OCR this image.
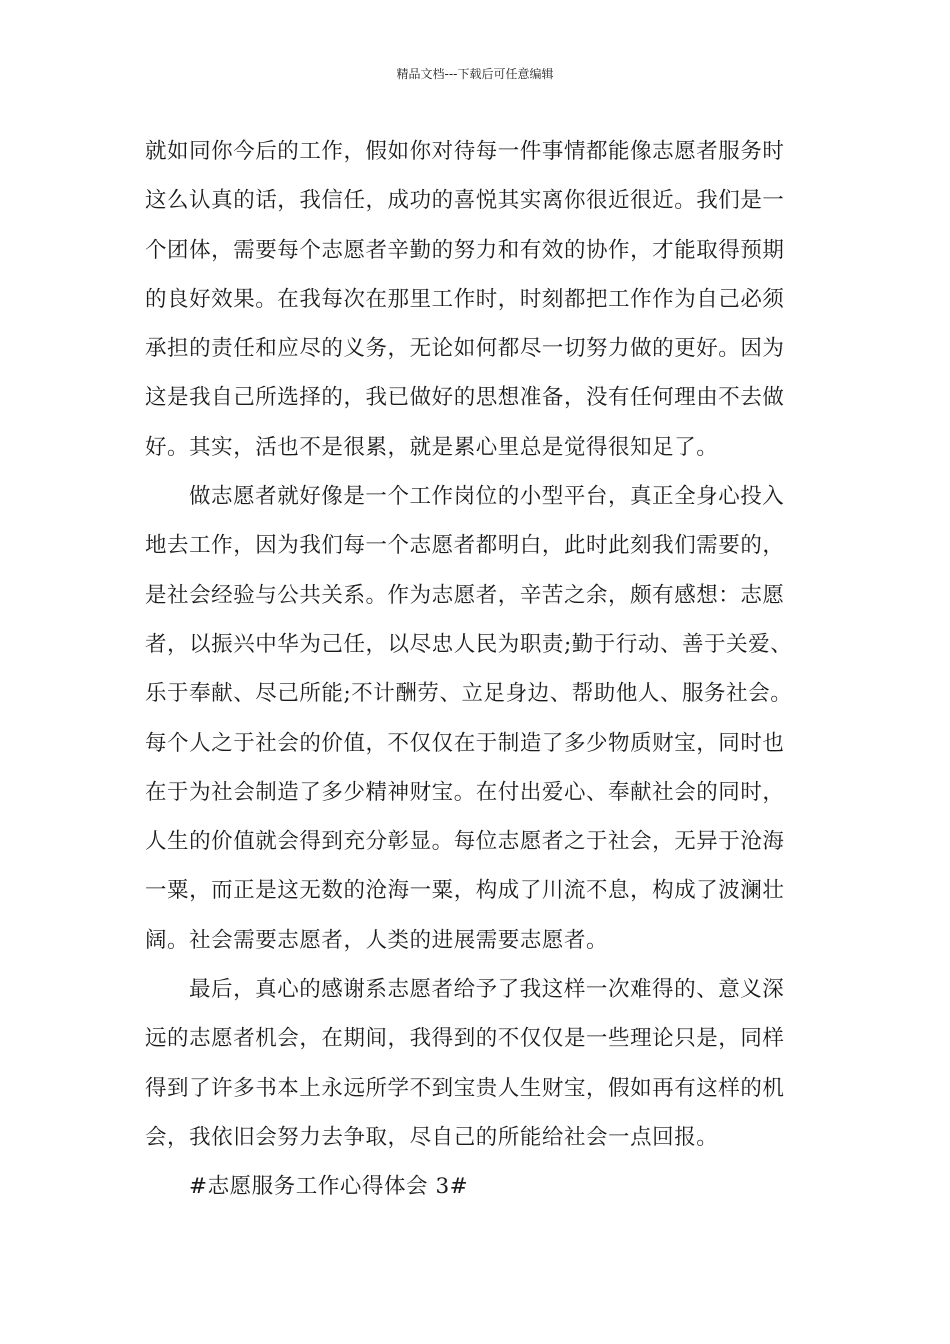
精品文档---下载后可任意编辑
就如同你今后的工作，假如你对待每一件事情都能像志愿者服务时
这么认真的话，我信任，成功的喜悦其实离你很近很近。我们是一
个团体，需要每个志愿者辛勤的努力和有效的协作，才能取得预期
的良好效果。在我每次在那里工作时，时刻都把工作作为自己必须
承担的责任和应尽的义务，无论如何都尽一切努力做的更好。因为
这是我自己所选择的，我已做好的思想准备，没有任何理由不去做
好。其实，活也不是很累，就是累心里总是觉得很知足了。
做志愿者就好像是一个工作岗位的小型平台，真正全身心投入
地去工作，因为我们每一个志愿者都明白，此时此刻我们需要的，
是社会经验与公共关系。作为志愿者，辛苦之余，颇有感想：志愿
者，以振兴中华为己任，以尽忠人民为职责;勤于行动、善于关爱、
乐于奉献、尽己所能;不计酬劳、立足身边、帮助他人、服务社会。
每个人之于社会的价值，不仅仅在于制造了多少物质财宝，同时也
在于为社会制造了多少精神财宝。在付出爱心、奉献社会的同时，
人生的价值就会得到充分彰显。每位志愿者之于社会，无异于沧海
一粟，而正是这无数的沧海一粟，构成了川流不息，构成了波澜壮
阔。社会需要志愿者，人类的进展需要志愿者。
最后，真心的感谢系志愿者给予了我这样一次难得的、意义深
远的志愿者机会，在期间，我得到的不仅仅是一些理论只是，同样
得到了许多书本上永远所学不到宝贵人生财宝，假如再有这样的机
会，我依旧会努力去争取，尽自己的所能给社会一点回报。
#志愿服务工作心得体会 3#
